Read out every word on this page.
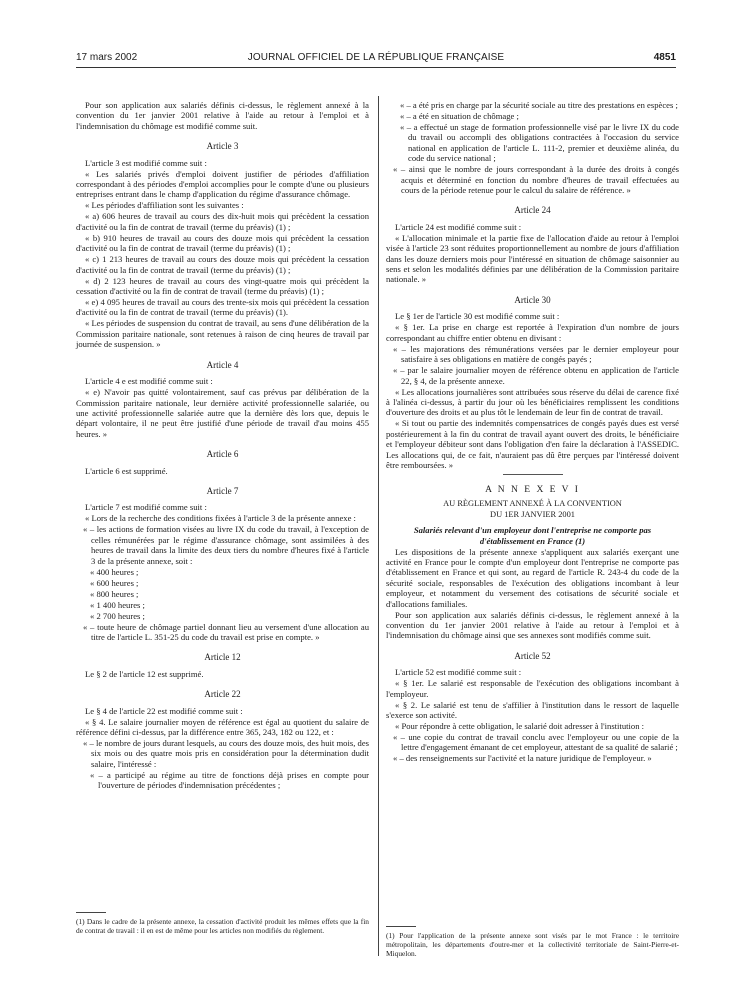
17 mars 2002	JOURNAL OFFICIEL DE LA RÉPUBLIQUE FRANÇAISE	4851

Pour son application aux salariés définis ci-dessus, le règlement annexé à la convention du 1er janvier 2001 relative à l'aide au retour à l'emploi et à l'indemnisation du chômage est modifié comme suit.

Article 3

L'article 3 est modifié comme suit :

« Les salariés privés d'emploi doivent justifier de périodes d'affiliation correspondant à des périodes d'emploi accomplies pour le compte d'une ou plusieurs entreprises entrant dans le champ d'application du régime d'assurance chômage.

« Les périodes d'affiliation sont les suivantes :

« a) 606 heures de travail au cours des dix-huit mois qui précèdent la cessation d'activité ou la fin de contrat de travail (terme du préavis) (1) ;

« b) 910 heures de travail au cours des douze mois qui précèdent la cessation d'activité ou la fin de contrat de travail (terme du préavis) (1) ;

« c) 1 213 heures de travail au cours des douze mois qui précèdent la cessation d'activité ou la fin de contrat de travail (terme du préavis) (1) ;

« d) 2 123 heures de travail au cours des vingt-quatre mois qui précèdent la cessation d'activité ou la fin de contrat de travail (terme du préavis) (1) ;

« e) 4 095 heures de travail au cours des trente-six mois qui précèdent la cessation d'activité ou la fin de contrat de travail (terme du préavis) (1).

« Les périodes de suspension du contrat de travail, au sens d'une délibération de la Commission paritaire nationale, sont retenues à raison de cinq heures de travail par journée de suspension. »

Article 4

L'article 4 e est modifié comme suit :

« e) N'avoir pas quitté volontairement, sauf cas prévus par délibération de la Commission paritaire nationale, leur dernière activité professionnelle salariée, ou une activité professionnelle salariée autre que la dernière dès lors que, depuis le départ volontaire, il ne peut être justifié d'une période de travail d'au moins 455 heures. »

Article 6

L'article 6 est supprimé.

Article 7

L'article 7 est modifié comme suit :

« Lors de la recherche des conditions fixées à l'article 3 de la présente annexe :

« – les actions de formation visées au livre IX du code du travail, à l'exception de celles rémunérées par le régime d'assurance chômage, sont assimilées à des heures de travail dans la limite des deux tiers du nombre d'heures fixé à l'article 3 de la présente annexe, soit :

« 400 heures ;

« 600 heures ;

« 800 heures ;

« 1 400 heures ;

« 2 700 heures ;

« – toute heure de chômage partiel donnant lieu au versement d'une allocation au titre de l'article L. 351-25 du code du travail est prise en compte. »

Article 12

Le § 2 de l'article 12 est supprimé.

Article 22

Le § 4 de l'article 22 est modifié comme suit :

« § 4. Le salaire journalier moyen de référence est égal au quotient du salaire de référence défini ci-dessus, par la différence entre 365, 243, 182 ou 122, et :

« – le nombre de jours durant lesquels, au cours des douze mois, des huit mois, des six mois ou des quatre mois pris en considération pour la détermination dudit salaire, l'intéressé :

« – a participé au régime au titre de fonctions déjà prises en compte pour l'ouverture de périodes d'indemnisation précédentes ;

« – a été pris en charge par la sécurité sociale au titre des prestations en espèces ;

« – a été en situation de chômage ;

« – a effectué un stage de formation professionnelle visé par le livre IX du code du travail ou accompli des obligations contractées à l'occasion du service national en application de l'article L. 111-2, premier et deuxième alinéa, du code du service national ;

« – ainsi que le nombre de jours correspondant à la durée des droits à congés acquis et déterminé en fonction du nombre d'heures de travail effectuées au cours de la période retenue pour le calcul du salaire de référence. »

Article 24

L'article 24 est modifié comme suit :

« L'allocation minimale et la partie fixe de l'allocation d'aide au retour à l'emploi visée à l'article 23 sont réduites proportionnellement au nombre de jours d'affiliation dans les douze derniers mois pour l'intéressé en situation de chômage saisonnier au sens et selon les modalités définies par une délibération de la Commission paritaire nationale. »

Article 30

Le § 1er de l'article 30 est modifié comme suit :

« § 1er. La prise en charge est reportée à l'expiration d'un nombre de jours correspondant au chiffre entier obtenu en divisant :

« – les majorations des rémunérations versées par le dernier employeur pour satisfaire à ses obligations en matière de congés payés ;

« – par le salaire journalier moyen de référence obtenu en application de l'article 22, § 4, de la présente annexe.

« Les allocations journalières sont attribuées sous réserve du délai de carence fixé à l'alinéa ci-dessus, à partir du jour où les bénéficiaires remplissent les conditions d'ouverture des droits et au plus tôt le lendemain de leur fin de contrat de travail.

« Si tout ou partie des indemnités compensatrices de congés payés dues est versé postérieurement à la fin du contrat de travail ayant ouvert des droits, le bénéficiaire et l'employeur débiteur sont dans l'obligation d'en faire la déclaration à l'ASSEDIC. Les allocations qui, de ce fait, n'auraient pas dû être perçues par l'intéressé doivent être remboursées. »

A N N E X E V I

AU RÈGLEMENT ANNEXÉ À LA CONVENTION

DU 1ER JANVIER 2001

Salariés relevant d'un employeur dont l'entreprise ne comporte pas d'établissement en France (1)

Les dispositions de la présente annexe s'appliquent aux salariés exerçant une activité en France pour le compte d'un employeur dont l'entreprise ne comporte pas d'établissement en France et qui sont, au regard de l'article R. 243-4 du code de la sécurité sociale, responsables de l'exécution des obligations incombant à leur employeur, et notamment du versement des cotisations de sécurité sociale et d'allocations familiales.

Pour son application aux salariés définis ci-dessus, le règlement annexé à la convention du 1er janvier 2001 relative à l'aide au retour à l'emploi et à l'indemnisation du chômage ainsi que ses annexes sont modifiés comme suit.

Article 52

L'article 52 est modifié comme suit :

« § 1er. Le salarié est responsable de l'exécution des obligations incombant à l'employeur.

« § 2. Le salarié est tenu de s'affilier à l'institution dans le ressort de laquelle s'exerce son activité.

« Pour répondre à cette obligation, le salarié doit adresser à l'institution :

« – une copie du contrat de travail conclu avec l'employeur ou une copie de la lettre d'engagement émanant de cet employeur, attestant de sa qualité de salarié ;

« – des renseignements sur l'activité et la nature juridique de l'employeur. »

(1) Dans le cadre de la présente annexe, la cessation d'activité produit les mêmes effets que la fin de contrat de travail : il en est de même pour les articles non modifiés du règlement.
(1) Pour l'application de la présente annexe sont visés par le mot France : le territoire métropolitain, les départements d'outre-mer et la collectivité territoriale de Saint-Pierre-et-Miquelon.
